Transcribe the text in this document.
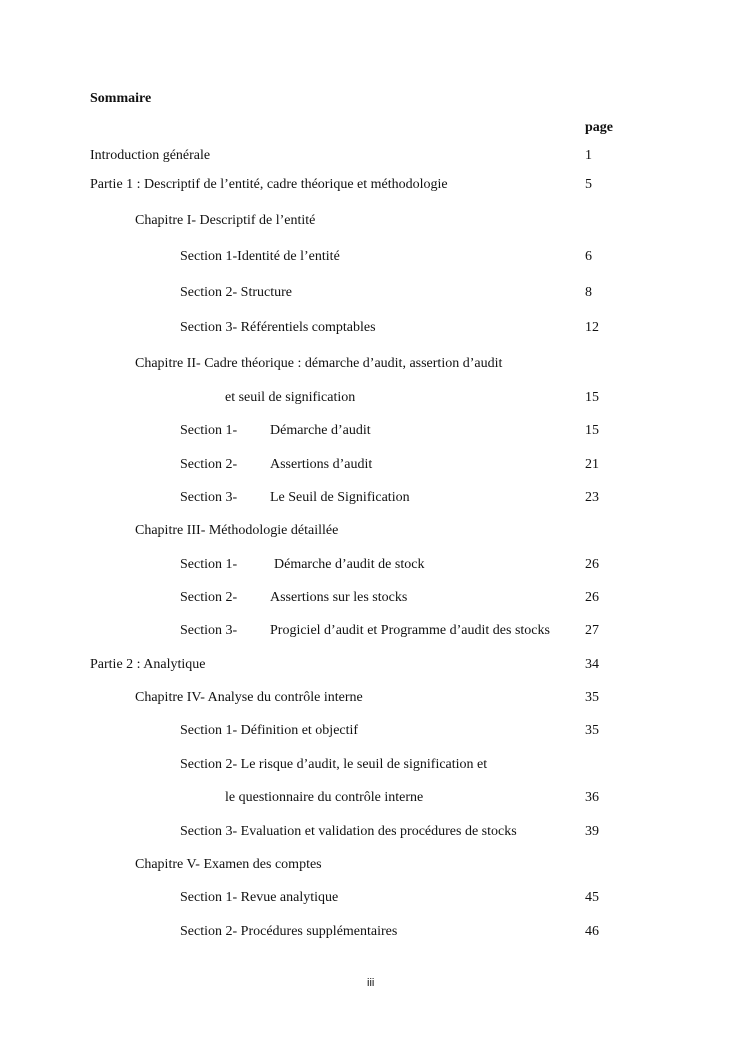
Sommaire
page
Introduction générale	1
Partie 1 : Descriptif de l’entité, cadre théorique et méthodologie	5
Chapitre I- Descriptif de l’entité
Section 1-Identité de l’entité	6
Section 2- Structure	8
Section 3- Référentiels comptables	12
Chapitre II- Cadre théorique : démarche d’audit, assertion d’audit
et seuil de signification	15
Section 1- Démarche d’audit	15
Section 2- Assertions d’audit	21
Section 3- Le Seuil de Signification	23
Chapitre III- Méthodologie détaillée
Section 1-	Démarche d’audit de stock	26
Section 2- Assertions sur les stocks	26
Section 3- Progiciel d’audit et Programme d’audit des stocks	27
Partie 2 : Analytique	34
Chapitre IV- Analyse du contrôle interne	35
Section 1- Définition et objectif	35
Section 2- Le risque d’audit, le seuil de signification et
le questionnaire du contrôle interne	36
Section 3- Evaluation et validation des procédures de stocks	39
Chapitre V- Examen des comptes
Section 1- Revue analytique	45
Section 2- Procédures supplémentaires	46
iii
